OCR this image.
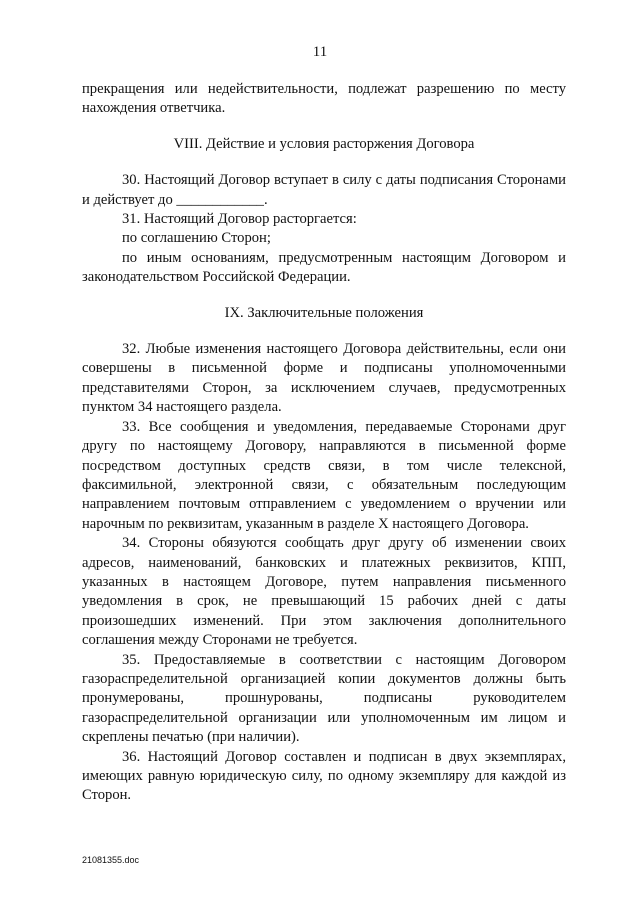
11

прекращения или недействительности, подлежат разрешению по месту нахождения ответчика.

VIII. Действие и условия расторжения Договора

30. Настоящий Договор вступает в силу с даты подписания Сторонами и действует до ____________.

31. Настоящий Договор расторгается:

по соглашению Сторон;

по иным основаниям, предусмотренным настоящим Договором и законодательством Российской Федерации.

IX. Заключительные положения

32. Любые изменения настоящего Договора действительны, если они совершены в письменной форме и подписаны уполномоченными представителями Сторон, за исключением случаев, предусмотренных пунктом 34 настоящего раздела.

33. Все сообщения и уведомления, передаваемые Сторонами друг другу по настоящему Договору, направляются в письменной форме посредством доступных средств связи, в том числе телексной, факсимильной, электронной связи, с обязательным последующим направлением почтовым отправлением с уведомлением о вручении или нарочным по реквизитам, указанным в разделе X настоящего Договора.

34. Стороны обязуются сообщать друг другу об изменении своих адресов, наименований, банковских и платежных реквизитов, КПП, указанных в настоящем Договоре, путем направления письменного уведомления в срок, не превышающий 15 рабочих дней с даты произошедших изменений. При этом заключения дополнительного соглашения между Сторонами не требуется.

35. Предоставляемые в соответствии с настоящим Договором газораспределительной организацией копии документов должны быть пронумерованы, прошнурованы, подписаны руководителем газораспределительной организации или уполномоченным им лицом и скреплены печатью (при наличии).

36. Настоящий Договор составлен и подписан в двух экземплярах, имеющих равную юридическую силу, по одному экземпляру для каждой из Сторон.

21081355.doc
